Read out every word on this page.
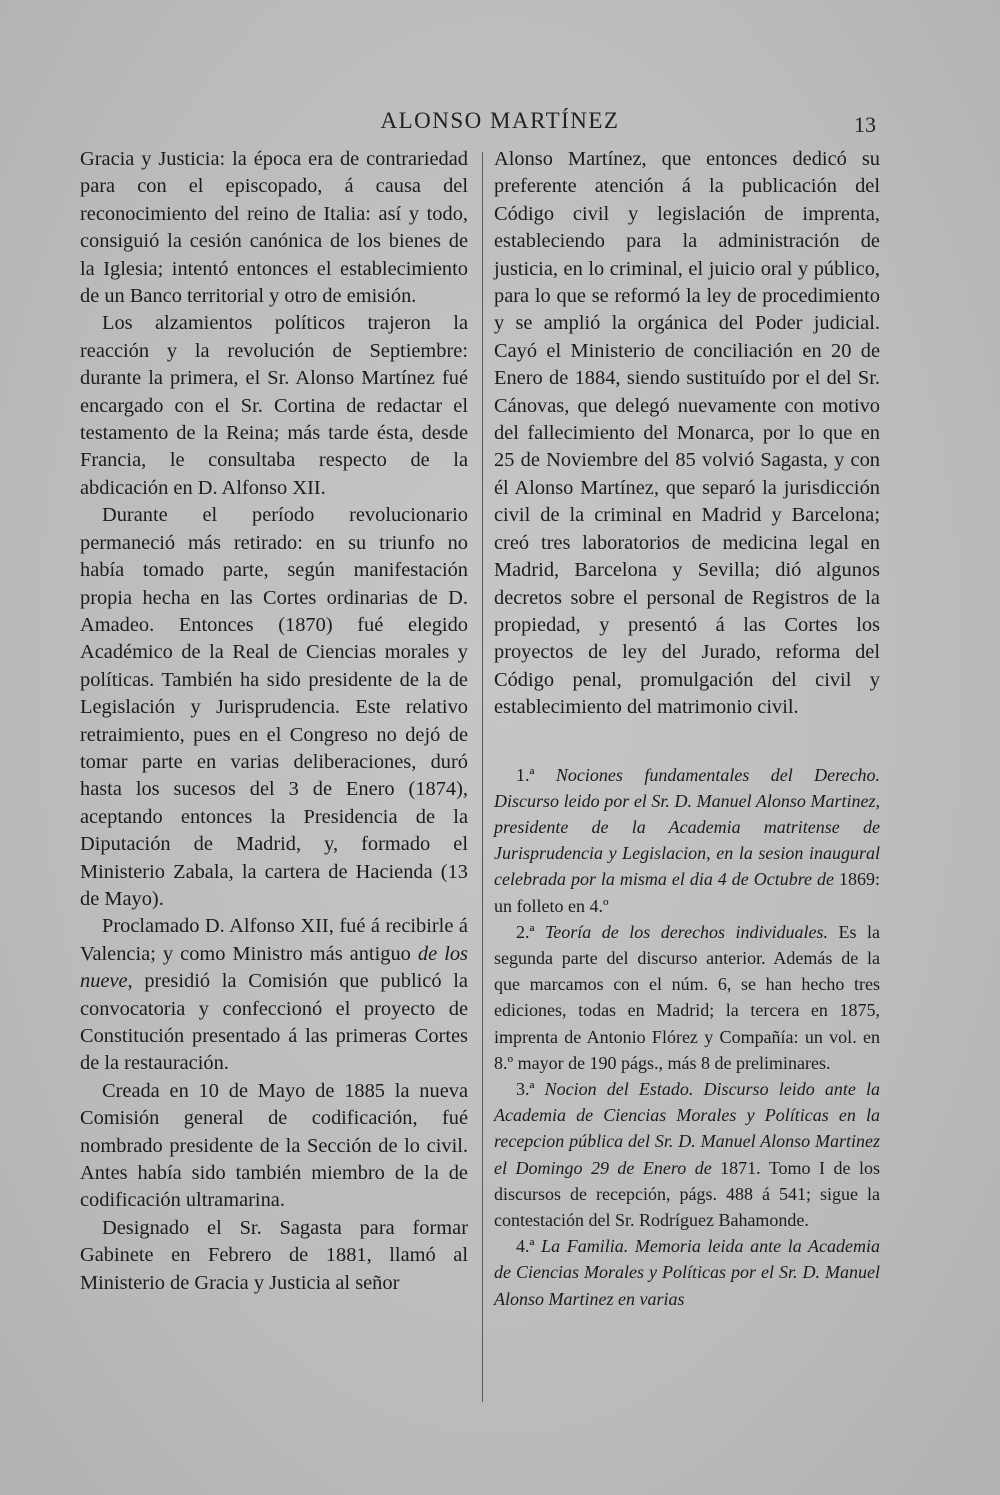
ALONSO MARTÍNEZ	13

Gracia y Justicia: la época era de contrariedad para con el episcopado, á causa del reconocimiento del reino de Italia: así y todo, consiguió la cesión canónica de los bienes de la Iglesia; intentó entonces el establecimiento de un Banco territorial y otro de emisión.

Los alzamientos políticos trajeron la reacción y la revolución de Septiembre: durante la primera, el Sr. Alonso Martínez fué encargado con el Sr. Cortina de redactar el testamento de la Reina; más tarde ésta, desde Francia, le consultaba respecto de la abdicación en D. Alfonso XII.

Durante el período revolucionario permaneció más retirado: en su triunfo no había tomado parte, según manifestación propia hecha en las Cortes ordinarias de D. Amadeo. Entonces (1870) fué elegido Académico de la Real de Ciencias morales y políticas. También ha sido presidente de la de Legislación y Jurisprudencia. Este relativo retraimiento, pues en el Congreso no dejó de tomar parte en varias deliberaciones, duró hasta los sucesos del 3 de Enero (1874), aceptando entonces la Presidencia de la Diputación de Madrid, y, formado el Ministerio Zabala, la cartera de Hacienda (13 de Mayo).

Proclamado D. Alfonso XII, fué á recibirle á Valencia; y como Ministro más antiguo de los nueve, presidió la Comisión que publicó la convocatoria y confeccionó el proyecto de Constitución presentado á las primeras Cortes de la restauración.

Creada en 10 de Mayo de 1885 la nueva Comisión general de codificación, fué nombrado presidente de la Sección de lo civil. Antes había sido también miembro de la de codificación ultramarina.

Designado el Sr. Sagasta para formar Gabinete en Febrero de 1881, llamó al Ministerio de Gracia y Justicia al señor

Alonso Martínez, que entonces dedicó su preferente atención á la publicación del Código civil y legislación de imprenta, estableciendo para la administración de justicia, en lo criminal, el juicio oral y público, para lo que se reformó la ley de procedimiento y se amplió la orgánica del Poder judicial. Cayó el Ministerio de conciliación en 20 de Enero de 1884, siendo sustituído por el del Sr. Cánovas, que delegó nuevamente con motivo del fallecimiento del Monarca, por lo que en 25 de Noviembre del 85 volvió Sagasta, y con él Alonso Martínez, que separó la jurisdicción civil de la criminal en Madrid y Barcelona; creó tres laboratorios de medicina legal en Madrid, Barcelona y Sevilla; dió algunos decretos sobre el personal de Registros de la propiedad, y presentó á las Cortes los proyectos de ley del Jurado, reforma del Código penal, promulgación del civil y establecimiento del matrimonio civil.

1.ª Nociones fundamentales del Derecho. Discurso leido por el Sr. D. Manuel Alonso Martinez, presidente de la Academia matritense de Jurisprudencia y Legislacion, en la sesion inaugural celebrada por la misma el dia 4 de Octubre de 1869: un folleto en 4.º

2.ª Teoría de los derechos individuales. Es la segunda parte del discurso anterior. Además de la que marcamos con el núm. 6, se han hecho tres ediciones, todas en Madrid; la tercera en 1875, imprenta de Antonio Flórez y Compañía: un vol. en 8.º mayor de 190 págs., más 8 de preliminares.

3.ª Nocion del Estado. Discurso leido ante la Academia de Ciencias Morales y Políticas en la recepcion pública del Sr. D. Manuel Alonso Martinez el Domingo 29 de Enero de 1871. Tomo I de los discursos de recepción, págs. 488 á 541; sigue la contestación del Sr. Rodríguez Bahamonde.

4.ª La Familia. Memoria leida ante la Academia de Ciencias Morales y Políticas por el Sr. D. Manuel Alonso Martinez en varias
